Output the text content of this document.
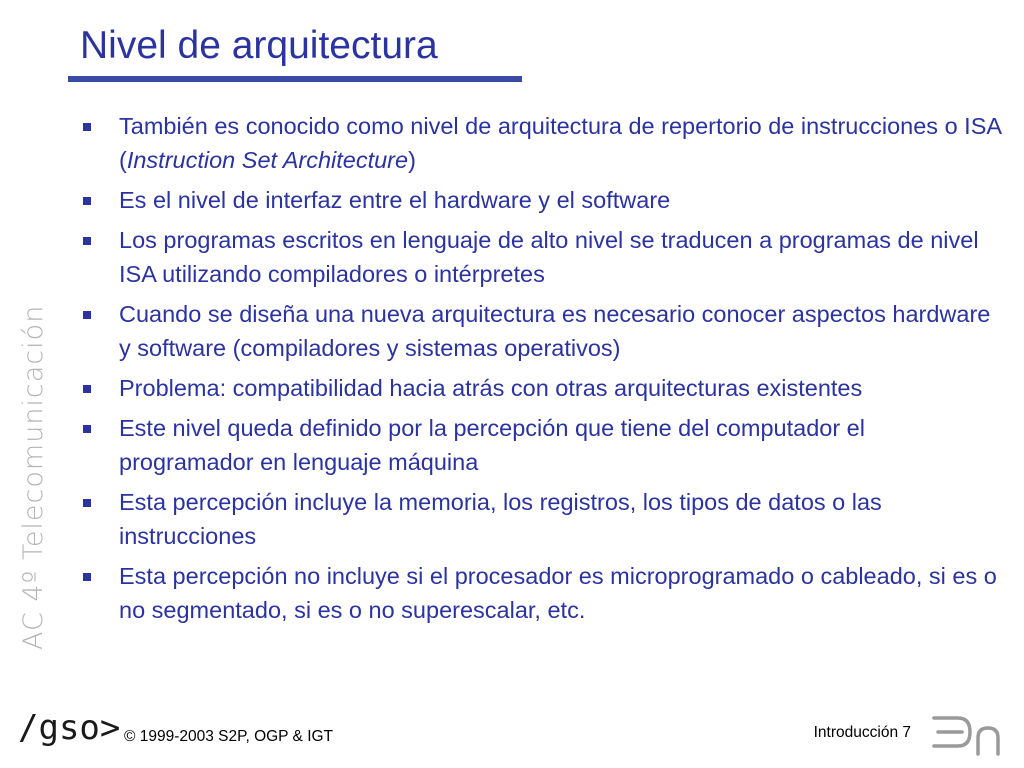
Nivel de arquitectura
AC 4º Telecomunicación
También es conocido como nivel de arquitectura de repertorio de instrucciones o ISA (Instruction Set Architecture)
Es el nivel de interfaz entre el hardware y el software
Los programas escritos en lenguaje de alto nivel se traducen a programas de nivel ISA utilizando compiladores o intérpretes
Cuando se diseña una nueva arquitectura es necesario conocer aspectos hardware y software (compiladores y sistemas operativos)
Problema: compatibilidad hacia atrás con otras arquitecturas existentes
Este nivel queda definido por la percepción que tiene del computador el programador en lenguaje máquina
Esta percepción incluye la memoria, los registros, los tipos de datos o las instrucciones
Esta percepción no incluye si el procesador es microprogramado o cableado, si es o no segmentado, si es o no superescalar, etc.
/gso> © 1999-2003 S2P, OGP & IGT	Introducción 7
